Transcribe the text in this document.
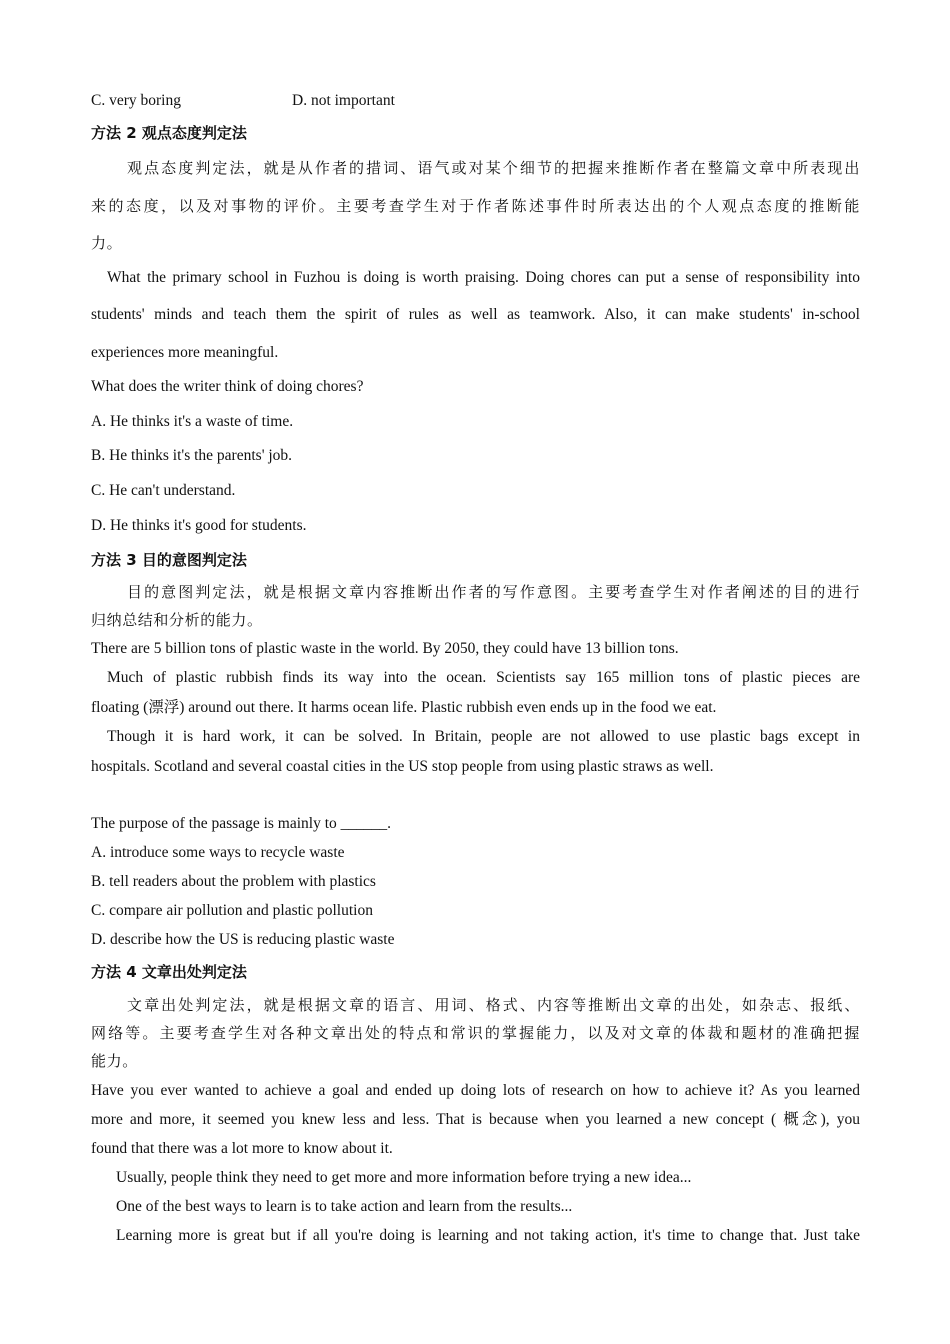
C. very boring	D. not important
方法 2 观点态度判定法
观点态度判定法，就是从作者的措词、语气或对某个细节的把握来推断作者在整篇文章中所表现出
来的态度，以及对事物的评价。主要考查学生对于作者陈述事件时所表达出的个人观点态度的推断能
力。
What the primary school in Fuzhou is doing is worth praising. Doing chores can put a sense of responsibility into
students' minds and teach them the spirit of rules as well as teamwork. Also, it can make students' in-school
experiences more meaningful.
What does the writer think of doing chores?
A. He thinks it's a waste of time.
B. He thinks it's the parents' job.
C. He can't understand.
D. He thinks it's good for students.
方法 3 目的意图判定法
目的意图判定法，就是根据文章内容推断出作者的写作意图。主要考查学生对作者阐述的目的进行
归纳总结和分析的能力。
There are 5 billion tons of plastic waste in the world. By 2050, they could have 13 billion tons.
Much of plastic rubbish finds its way into the ocean. Scientists say 165 million tons of plastic pieces are
floating (漂浮) around out there. It harms ocean life. Plastic rubbish even ends up in the food we eat.
Though it is hard work, it can be solved. In Britain, people are not allowed to use plastic bags except in
hospitals. Scotland and several coastal cities in the US stop people from using plastic straws as well.
The purpose of the passage is mainly to ______.
A. introduce some ways to recycle waste
B. tell readers about the problem with plastics
C. compare air pollution and plastic pollution
D. describe how the US is reducing plastic waste
方法 4 文章出处判定法
文章出处判定法，就是根据文章的语言、用词、格式、内容等推断出文章的出处，如杂志、报纸、
网络等。主要考查学生对各种文章出处的特点和常识的掌握能力，以及对文章的体裁和题材的准确把握
能力。
Have you ever wanted to achieve a goal and ended up doing lots of research on how to achieve it? As you learned
more and more, it seemed you knew less and less. That is because when you learned a new concept ( 概念), you
found that there was a lot more to know about it.
Usually, people think they need to get more and more information before trying a new idea...
One of the best ways to learn is to take action and learn from the results...
Learning more is great but if all you're doing is learning and not taking action, it's time to change that. Just take
